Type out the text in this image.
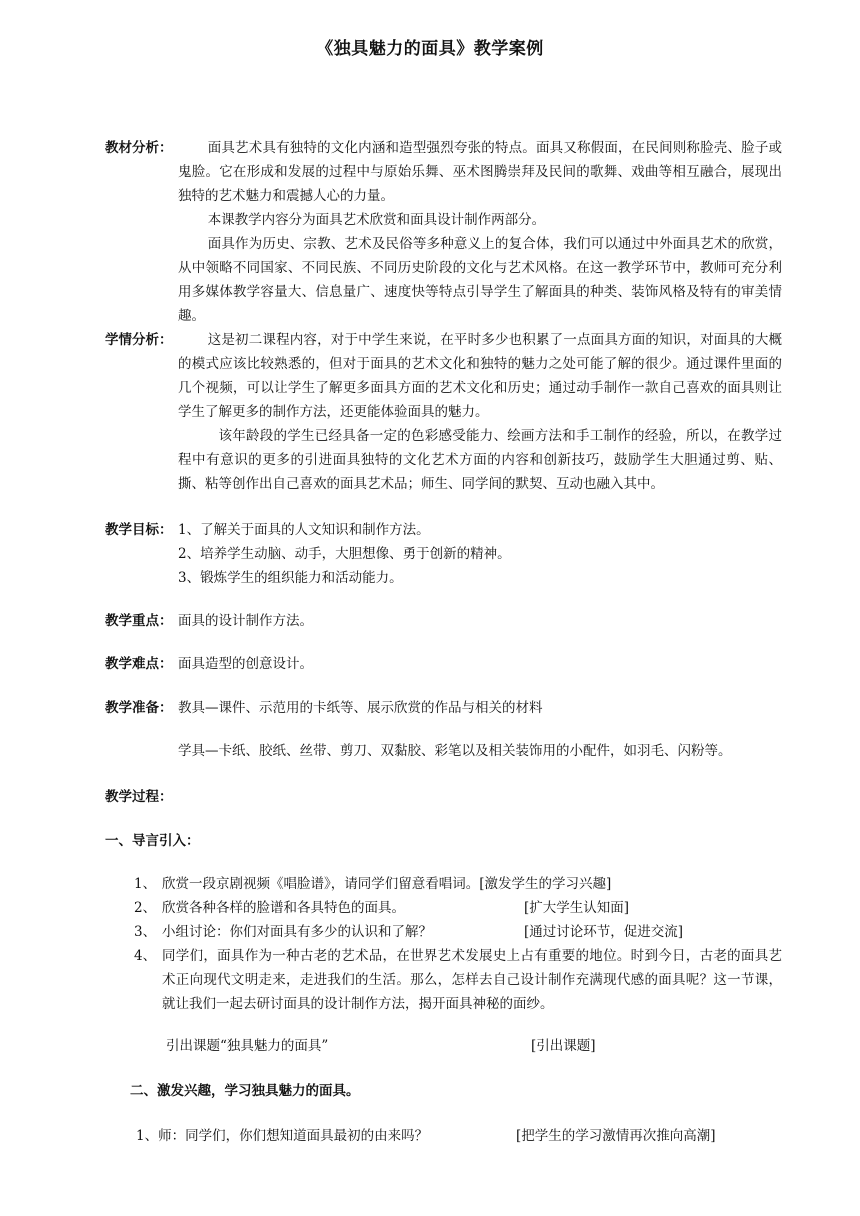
《独具魅力的面具》教学案例
教材分析：	面具艺术具有独特的文化内涵和造型强烈夸张的特点。面具又称假面，在民间则称脸壳、脸子或鬼脸。它在形成和发展的过程中与原始乐舞、巫术图腾崇拜及民间的歌舞、戏曲等相互融合，展现出独特的艺术魅力和震撼人心的力量。
本课教学内容分为面具艺术欣赏和面具设计制作两部分。
面具作为历史、宗教、艺术及民俗等多种意义上的复合体，我们可以通过中外面具艺术的欣赏，从中领略不同国家、不同民族、不同历史阶段的文化与艺术风格。在这一教学环节中，教师可充分利用多媒体教学容量大、信息量广、速度快等特点引导学生了解面具的种类、装饰风格及特有的审美情趣。
学情分析：	这是初二课程内容，对于中学生来说，在平时多少也积累了一点面具方面的知识，对面具的大概的模式应该比较熟悉的，但对于面具的艺术文化和独特的魅力之处可能了解的很少。通过课件里面的几个视频，可以让学生了解更多面具方面的艺术文化和历史；通过动手制作一款自己喜欢的面具则让学生了解更多的制作方法，还更能体验面具的魅力。
该年龄段的学生已经具备一定的色彩感受能力、绘画方法和手工制作的经验，所以，在教学过程中有意识的更多的引进面具独特的文化艺术方面的内容和创新技巧，鼓励学生大胆通过剪、贴、撕、粘等创作出自己喜欢的面具艺术品；师生、同学间的默契、互动也融入其中。
教学目标： 1、了解关于面具的人文知识和制作方法。
2、培养学生动脑、动手，大胆想像、勇于创新的精神。
3、锻炼学生的组织能力和活动能力。
教学重点： 面具的设计制作方法。
教学难点： 面具造型的创意设计。
教学准备： 教具—课件、示范用的卡纸等、展示欣赏的作品与相关的材料
学具—卡纸、胶纸、丝带、剪刀、双黏胶、彩笔以及相关装饰用的小配件，如羽毛、闪粉等。
教学过程：
一、导言引入：
1、 欣赏一段京剧视频《唱脸谱》，请同学们留意看唱词。[激发学生的学习兴趣]
2、 欣赏各种各样的脸谱和各具特色的面具。	[扩大学生认知面]
3、 小组讨论：你们对面具有多少的认识和了解？	[通过讨论环节，促进交流]
4、 同学们，面具作为一种古老的艺术品，在世界艺术发展史上占有重要的地位。时到今日，古老的面具艺术正向现代文明走来，走进我们的生活。那么，怎样去自己设计制作充满现代感的面具呢？这一节课，就让我们一起去研讨面具的设计制作方法，揭开面具神秘的面纱。
引出课题“独具魅力的面具”	[引出课题]
二、激发兴趣，学习独具魅力的面具。
1、师：同学们，你们想知道面具最初的由来吗？	[把学生的学习激情再次推向高潮]
